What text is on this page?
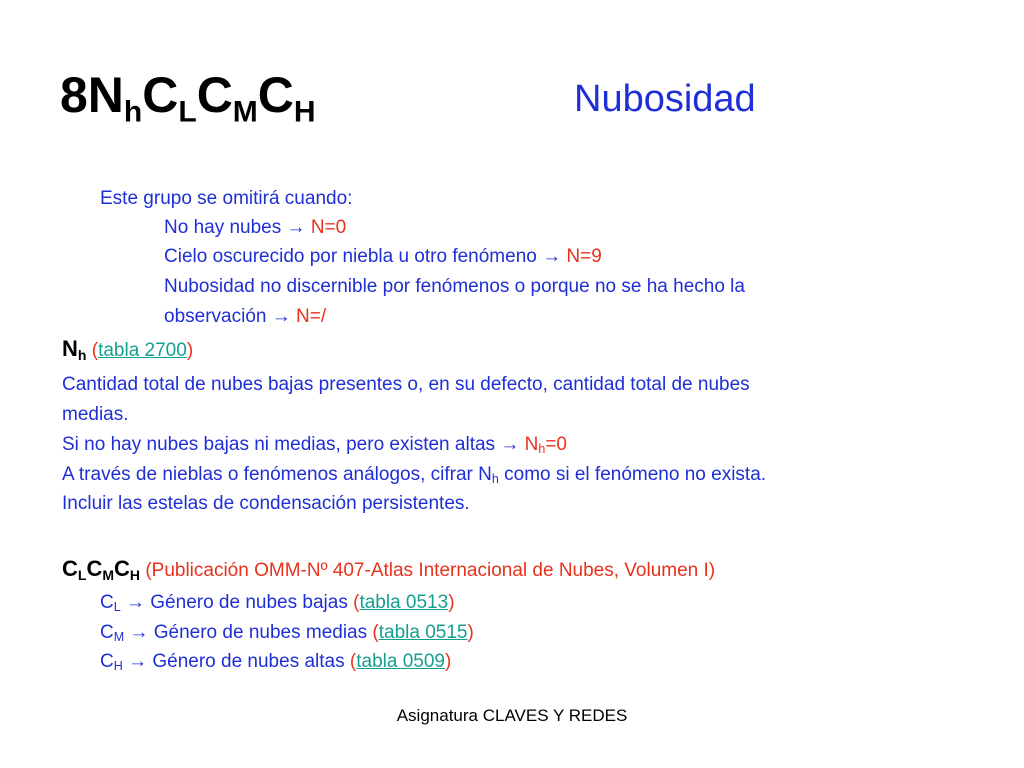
$8N_hC_LC_MC_H$	Nubosidad
Este grupo se omitirá cuando:
No hay nubes → N=0
Cielo oscurecido por niebla u otro fenómeno → N=9
Nubosidad no discernible por fenómenos o porque no se ha hecho la
observación → N=/
$N_h$ (tabla 2700)
Cantidad total de nubes bajas presentes o, en su defecto, cantidad total de nubes
medias.
Si no hay nubes bajas ni medias, pero existen altas → $N_h=0$
A través de nieblas o fenómenos análogos, cifrar $N_h$ como si el fenómeno no exista.
Incluir las estelas de condensación persistentes.
$C_LC_MC_H$ (Publicación OMM-Nº 407-Atlas Internacional de Nubes, Volumen I)
$C_L$ → Género de nubes bajas (tabla 0513)
$C_M$ → Género de nubes medias (tabla 0515)
$C_H$ → Género de nubes altas (tabla 0509)
Asignatura CLAVES Y REDES
